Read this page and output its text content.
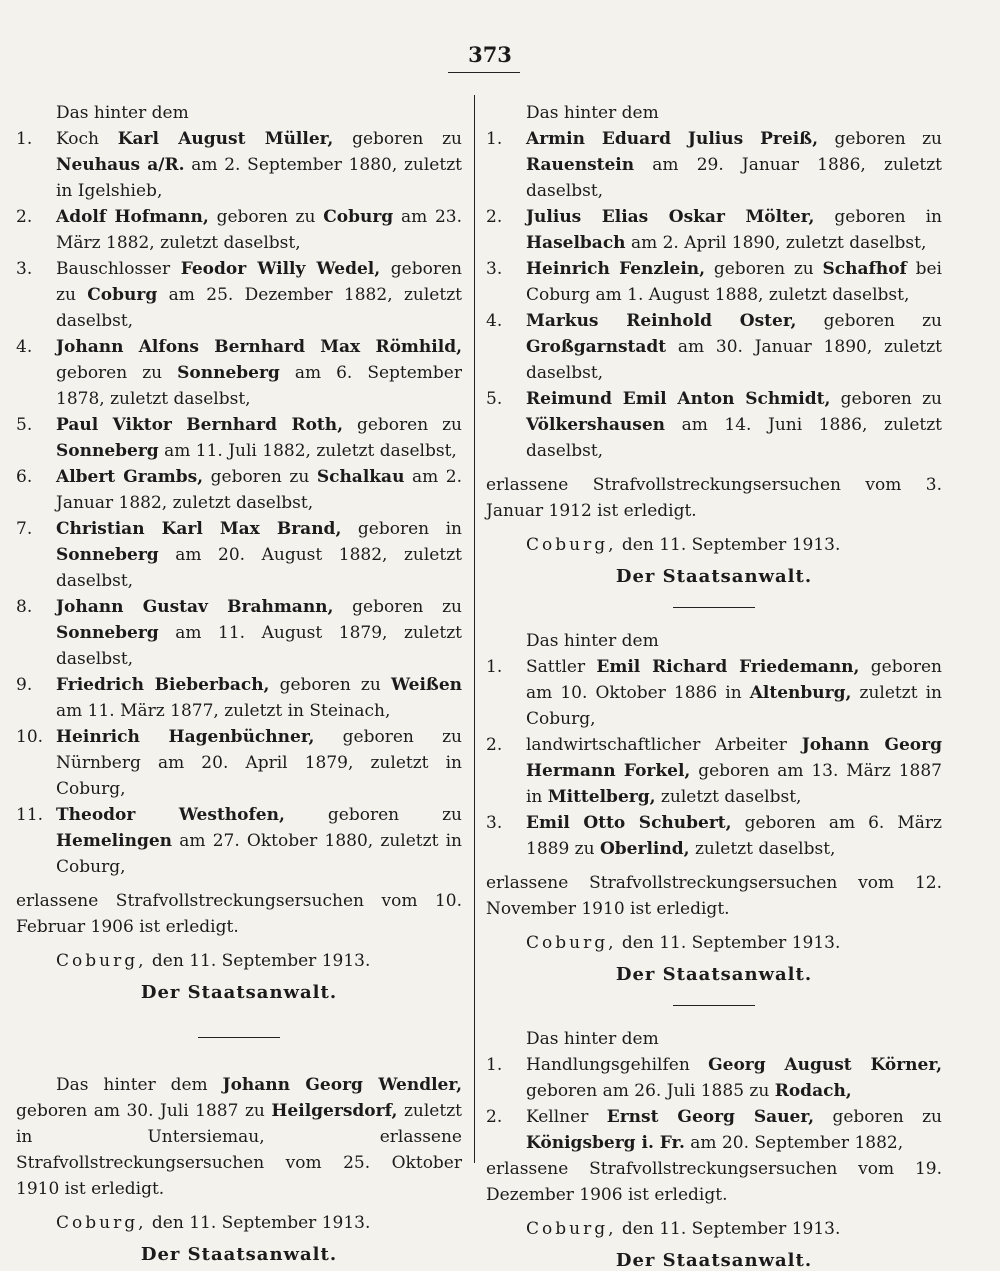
373

Das hinter dem

1.	Koch Karl August Müller, geboren zu Neuhaus a/R. am 2. September 1880, zuletzt in Igelshieb,
2.	Adolf Hofmann, geboren zu Coburg am 23. März 1882, zuletzt daselbst,
3.	Bauschlosser Feodor Willy Wedel, geboren zu Coburg am 25. Dezember 1882, zuletzt daselbst,
4.	Johann Alfons Bernhard Max Römhild, geboren zu Sonneberg am 6. September 1878, zuletzt daselbst,
5.	Paul Viktor Bernhard Roth, geboren zu Sonneberg am 11. Juli 1882, zuletzt daselbst,
6.	Albert Grambs, geboren zu Schalkau am 2. Januar 1882, zuletzt daselbst,
7.	Christian Karl Max Brand, geboren in Sonneberg am 20. August 1882, zuletzt daselbst,
8.	Johann Gustav Brahmann, geboren zu Sonneberg am 11. August 1879, zuletzt daselbst,
9.	Friedrich Bieberbach, geboren zu Weißen am 11. März 1877, zuletzt in Steinach,
10. Heinrich Hagenbüchner, geboren zu Nürnberg am 20. April 1879, zuletzt in Coburg,
11. Theodor Westhofen, geboren zu Hemelingen am 27. Oktober 1880, zuletzt in Coburg,

erlassene Strafvollstreckungsersuchen vom 10. Februar 1906 ist erledigt.

Coburg, den 11. September 1913.

Der Staatsanwalt.

Das hinter dem Johann Georg Wendler, geboren am 30. Juli 1887 zu Heilgersdorf, zuletzt in Untersiemau, erlassene Strafvollstreckungsersuchen vom 25. Oktober 1910 ist erledigt.

Coburg, den 11. September 1913.

Der Staatsanwalt.

Das hinter dem

1.	Armin Eduard Julius Preiß, geboren zu Rauenstein am 29. Januar 1886, zuletzt daselbst,
2.	Julius Elias Oskar Mölter, geboren in Haselbach am 2. April 1890, zuletzt daselbst,
3.	Heinrich Fenzlein, geboren zu Schafhof bei Coburg am 1. August 1888, zuletzt daselbst,
4.	Markus Reinhold Oster, geboren zu Großgarnstadt am 30. Januar 1890, zuletzt daselbst,
5.	Reimund Emil Anton Schmidt, geboren zu Völkershausen am 14. Juni 1886, zuletzt daselbst,

erlassene Strafvollstreckungsersuchen vom 3. Januar 1912 ist erledigt.

Coburg, den 11. September 1913.

Der Staatsanwalt.

Das hinter dem

1.	Sattler Emil Richard Friedemann, geboren am 10. Oktober 1886 in Altenburg, zuletzt in Coburg,
2.	landwirtschaftlicher Arbeiter Johann Georg Hermann Forkel, geboren am 13. März 1887 in Mittelberg, zuletzt daselbst,
3.	Emil Otto Schubert, geboren am 6. März 1889 zu Oberlind, zuletzt daselbst,

erlassene Strafvollstreckungsersuchen vom 12. November 1910 ist erledigt.

Coburg, den 11. September 1913.

Der Staatsanwalt.

Das hinter dem

1.	Handlungsgehilfen Georg August Körner, geboren am 26. Juli 1885 zu Rodach,
2.	Kellner Ernst Georg Sauer, geboren zu Königsberg i. Fr. am 20. September 1882,

erlassene Strafvollstreckungsersuchen vom 19. Dezember 1906 ist erledigt.

Coburg, den 11. September 1913.

Der Staatsanwalt.
